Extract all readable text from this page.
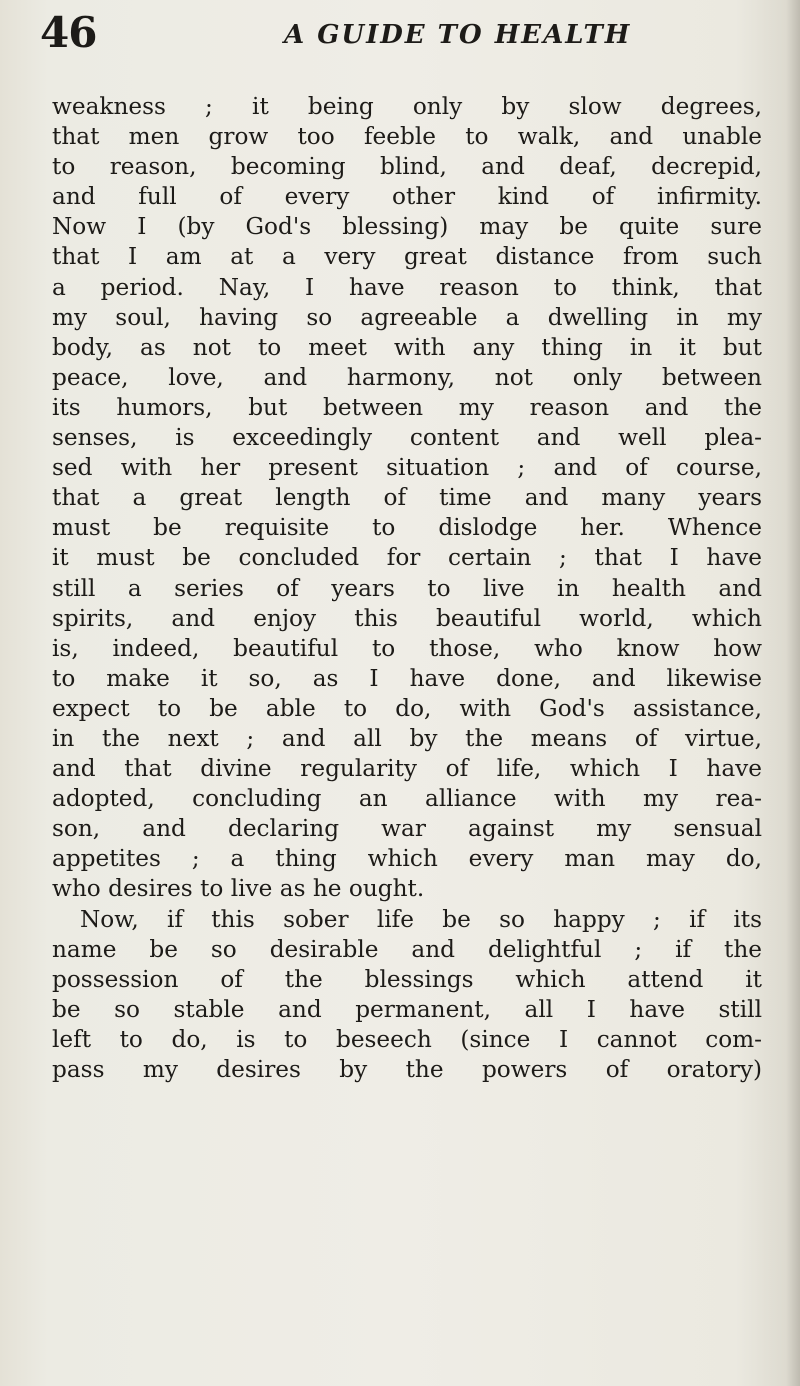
46	A GUIDE TO HEALTH
weakness ; it being only by slow degrees,
that men grow too feeble to walk, and unable
to reason, becoming blind, and deaf, decrepid,
and full of every other kind of infirmity.
Now I (by God's blessing) may be quite sure
that I am at a very great distance from such
a period. Nay, I have reason to think, that
my soul, having so agreeable a dwelling in my
body, as not to meet with any thing in it but
peace, love, and harmony, not only between
its humors, but between my reason and the
senses, is exceedingly content and well plea-
sed with her present situation ; and of course,
that a great length of time and many years
must be requisite to dislodge her. Whence
it must be concluded for certain ; that I have
still a series of years to live in health and
spirits, and enjoy this beautiful world, which
is, indeed, beautiful to those, who know how
to make it so, as I have done, and likewise
expect to be able to do, with God's assistance,
in the next ; and all by the means of virtue,
and that divine regularity of life, which I have
adopted, concluding an alliance with my rea-
son, and declaring war against my sensual
appetites ; a thing which every man may do,
who desires to live as he ought.
Now, if this sober life be so happy ; if its
name be so desirable and delightful ; if the
possession of the blessings which attend it
be so stable and permanent, all I have still
left to do, is to beseech (since I cannot com-
pass my desires by the powers of oratory)
